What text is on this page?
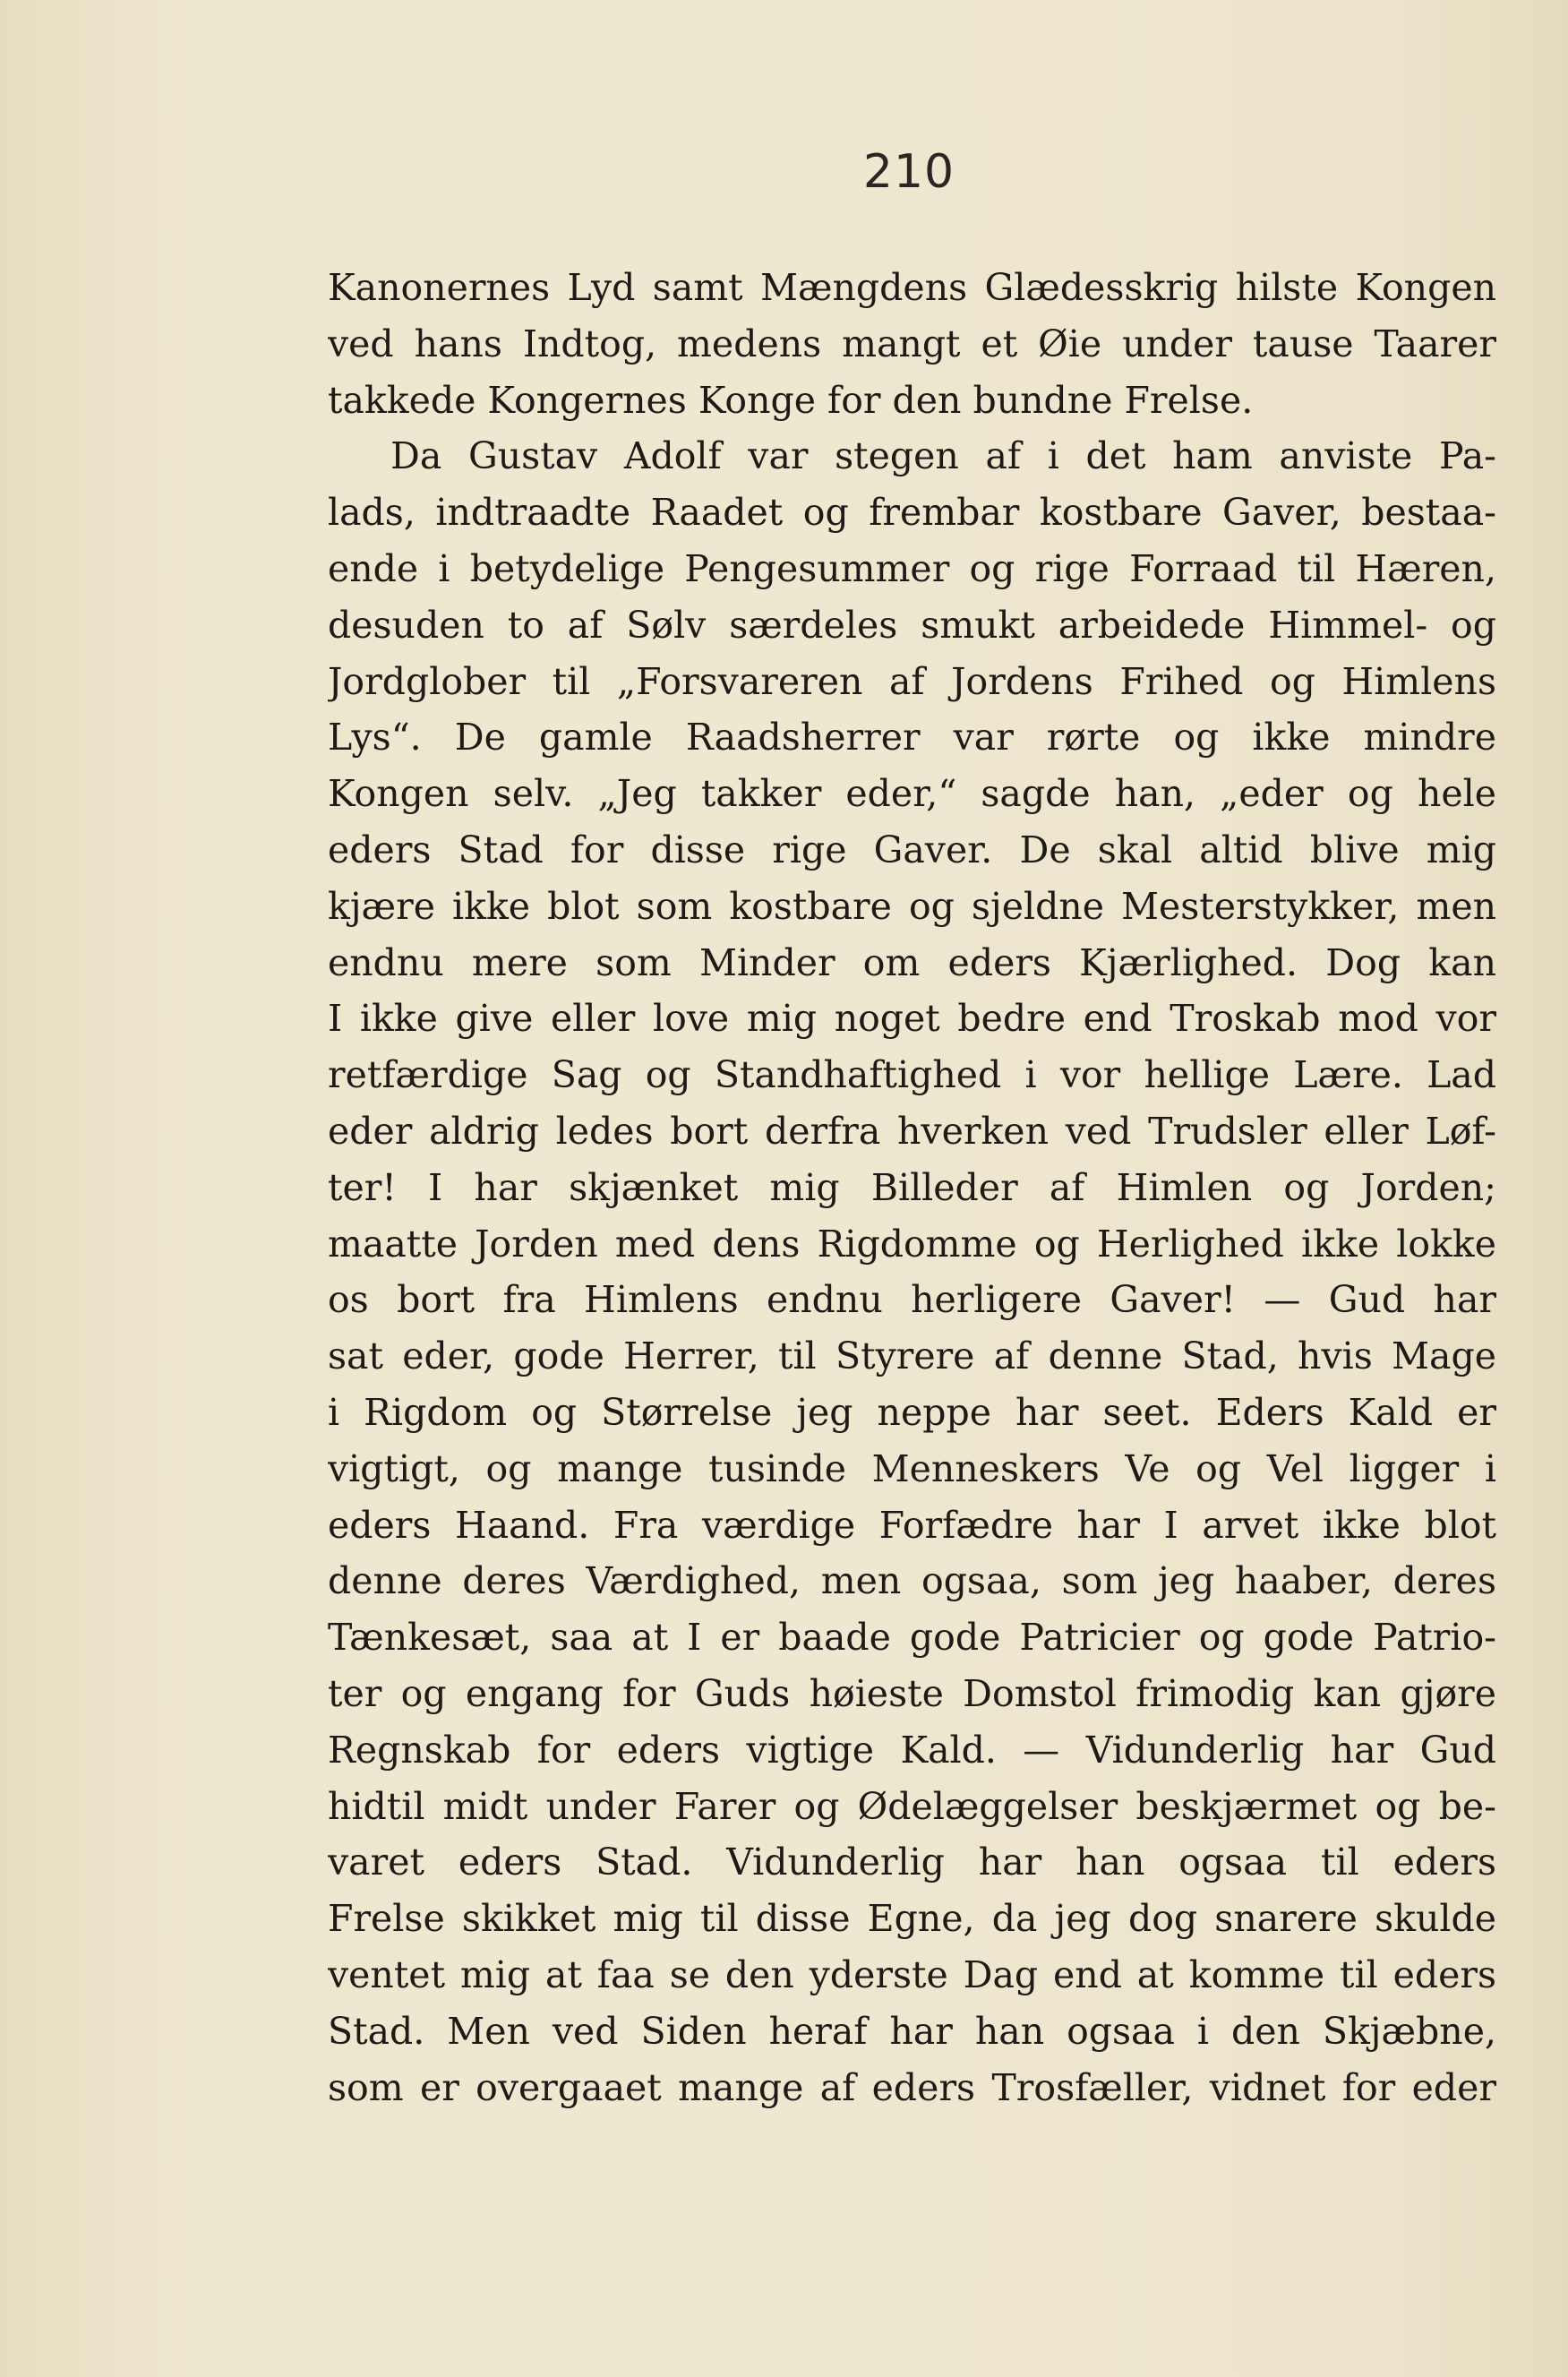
210
Kanonernes Lyd samt Mængdens Glædesskrig hilste Kongen
ved hans Indtog, medens mangt et Øie under tause Taarer
takkede Kongernes Konge for den bundne Frelse.
Da Gustav Adolf var stegen af i det ham anviste Pa-
lads, indtraadte Raadet og frembar kostbare Gaver, bestaa-
ende i betydelige Pengesummer og rige Forraad til Hæren,
desuden to af Sølv særdeles smukt arbeidede Himmel- og
Jordglober til „Forsvareren af Jordens Frihed og Himlens
Lys“. De gamle Raadsherrer var rørte og ikke mindre
Kongen selv. „Jeg takker eder,“ sagde han, „eder og hele
eders Stad for disse rige Gaver. De skal altid blive mig
kjære ikke blot som kostbare og sjeldne Mesterstykker, men
endnu mere som Minder om eders Kjærlighed. Dog kan
I ikke give eller love mig noget bedre end Troskab mod vor
retfærdige Sag og Standhaftighed i vor hellige Lære. Lad
eder aldrig ledes bort derfra hverken ved Trudsler eller Løf-
ter! I har skjænket mig Billeder af Himlen og Jorden;
maatte Jorden med dens Rigdomme og Herlighed ikke lokke
os bort fra Himlens endnu herligere Gaver! — Gud har
sat eder, gode Herrer, til Styrere af denne Stad, hvis Mage
i Rigdom og Størrelse jeg neppe har seet. Eders Kald er
vigtigt, og mange tusinde Menneskers Ve og Vel ligger i
eders Haand. Fra værdige Forfædre har I arvet ikke blot
denne deres Værdighed, men ogsaa, som jeg haaber, deres
Tænkesæt, saa at I er baade gode Patricier og gode Patrio-
ter og engang for Guds høieste Domstol frimodig kan gjøre
Regnskab for eders vigtige Kald. — Vidunderlig har Gud
hidtil midt under Farer og Ødelæggelser beskjærmet og be-
varet eders Stad. Vidunderlig har han ogsaa til eders
Frelse skikket mig til disse Egne, da jeg dog snarere skulde
ventet mig at faa se den yderste Dag end at komme til eders
Stad. Men ved Siden heraf har han ogsaa i den Skjæbne,
som er overgaaet mange af eders Trosfæller, vidnet for eder
